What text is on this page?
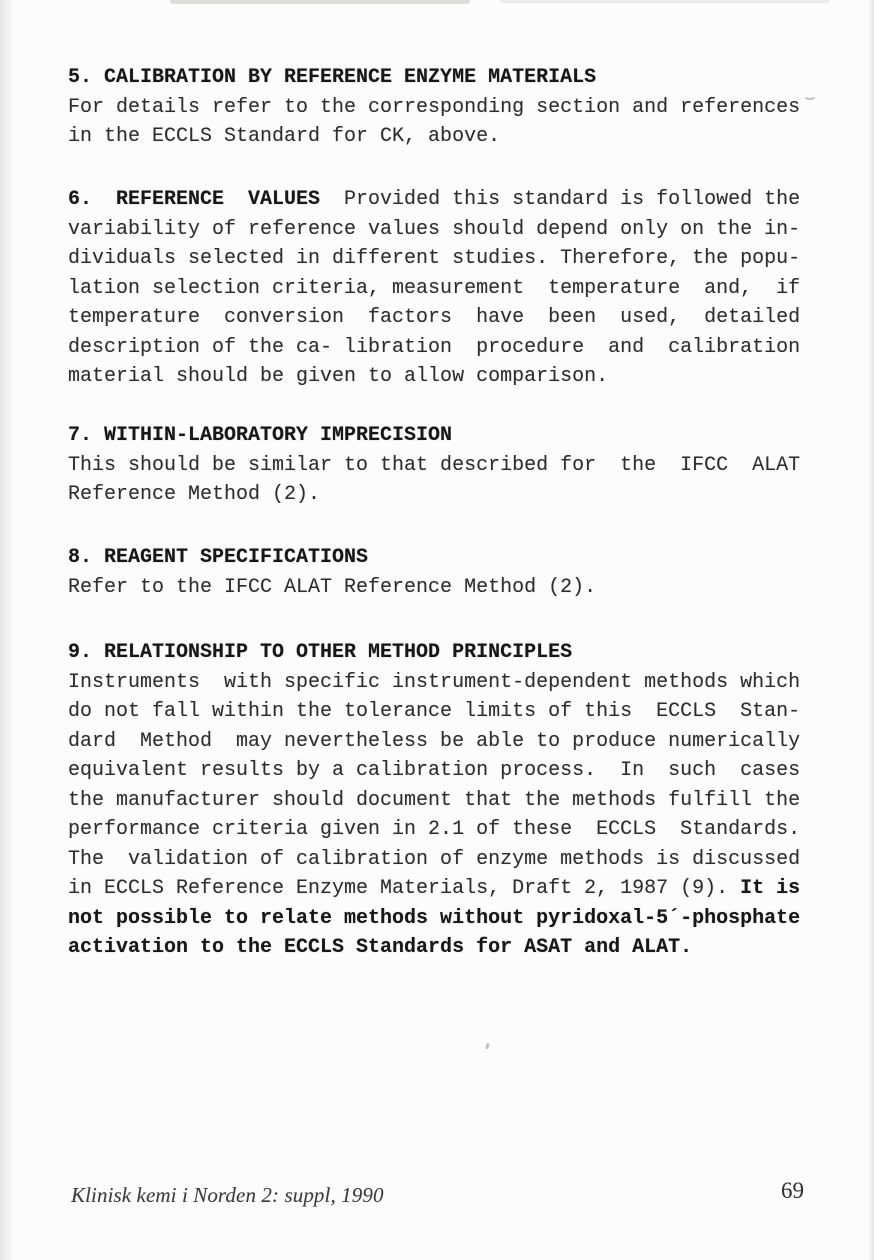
5. CALIBRATION BY REFERENCE ENZYME MATERIALS
For details refer to the corresponding section and references
in the ECCLS Standard for CK, above.
6.  REFERENCE  VALUES  Provided this standard is followed the
variability of reference values should depend only on the in-
dividuals selected in different studies. Therefore, the popu-
lation selection criteria, measurement  temperature  and,  if
temperature  conversion  factors  have  been  used,  detailed
description of the ca- libration  procedure  and  calibration
material should be given to allow comparison.
7. WITHIN-LABORATORY IMPRECISION
This should be similar to that described for  the  IFCC  ALAT
Reference Method (2).
8. REAGENT SPECIFICATIONS
Refer to the IFCC ALAT Reference Method (2).
9. RELATIONSHIP TO OTHER METHOD PRINCIPLES
Instruments  with specific instrument-dependent methods which
do not fall within the tolerance limits of this  ECCLS  Stan-
dard  Method  may nevertheless be able to produce numerically
equivalent results by a calibration process.  In  such  cases
the manufacturer should document that the methods fulfill the
performance criteria given in 2.1 of these  ECCLS  Standards.
The  validation of calibration of enzyme methods is discussed
in ECCLS Reference Enzyme Materials, Draft 2, 1987 (9). It is
not possible to relate methods without pyridoxal-5´-phosphate
activation to the ECCLS Standards for ASAT and ALAT.
Klinisk kemi i Norden 2: suppl, 1990	69
